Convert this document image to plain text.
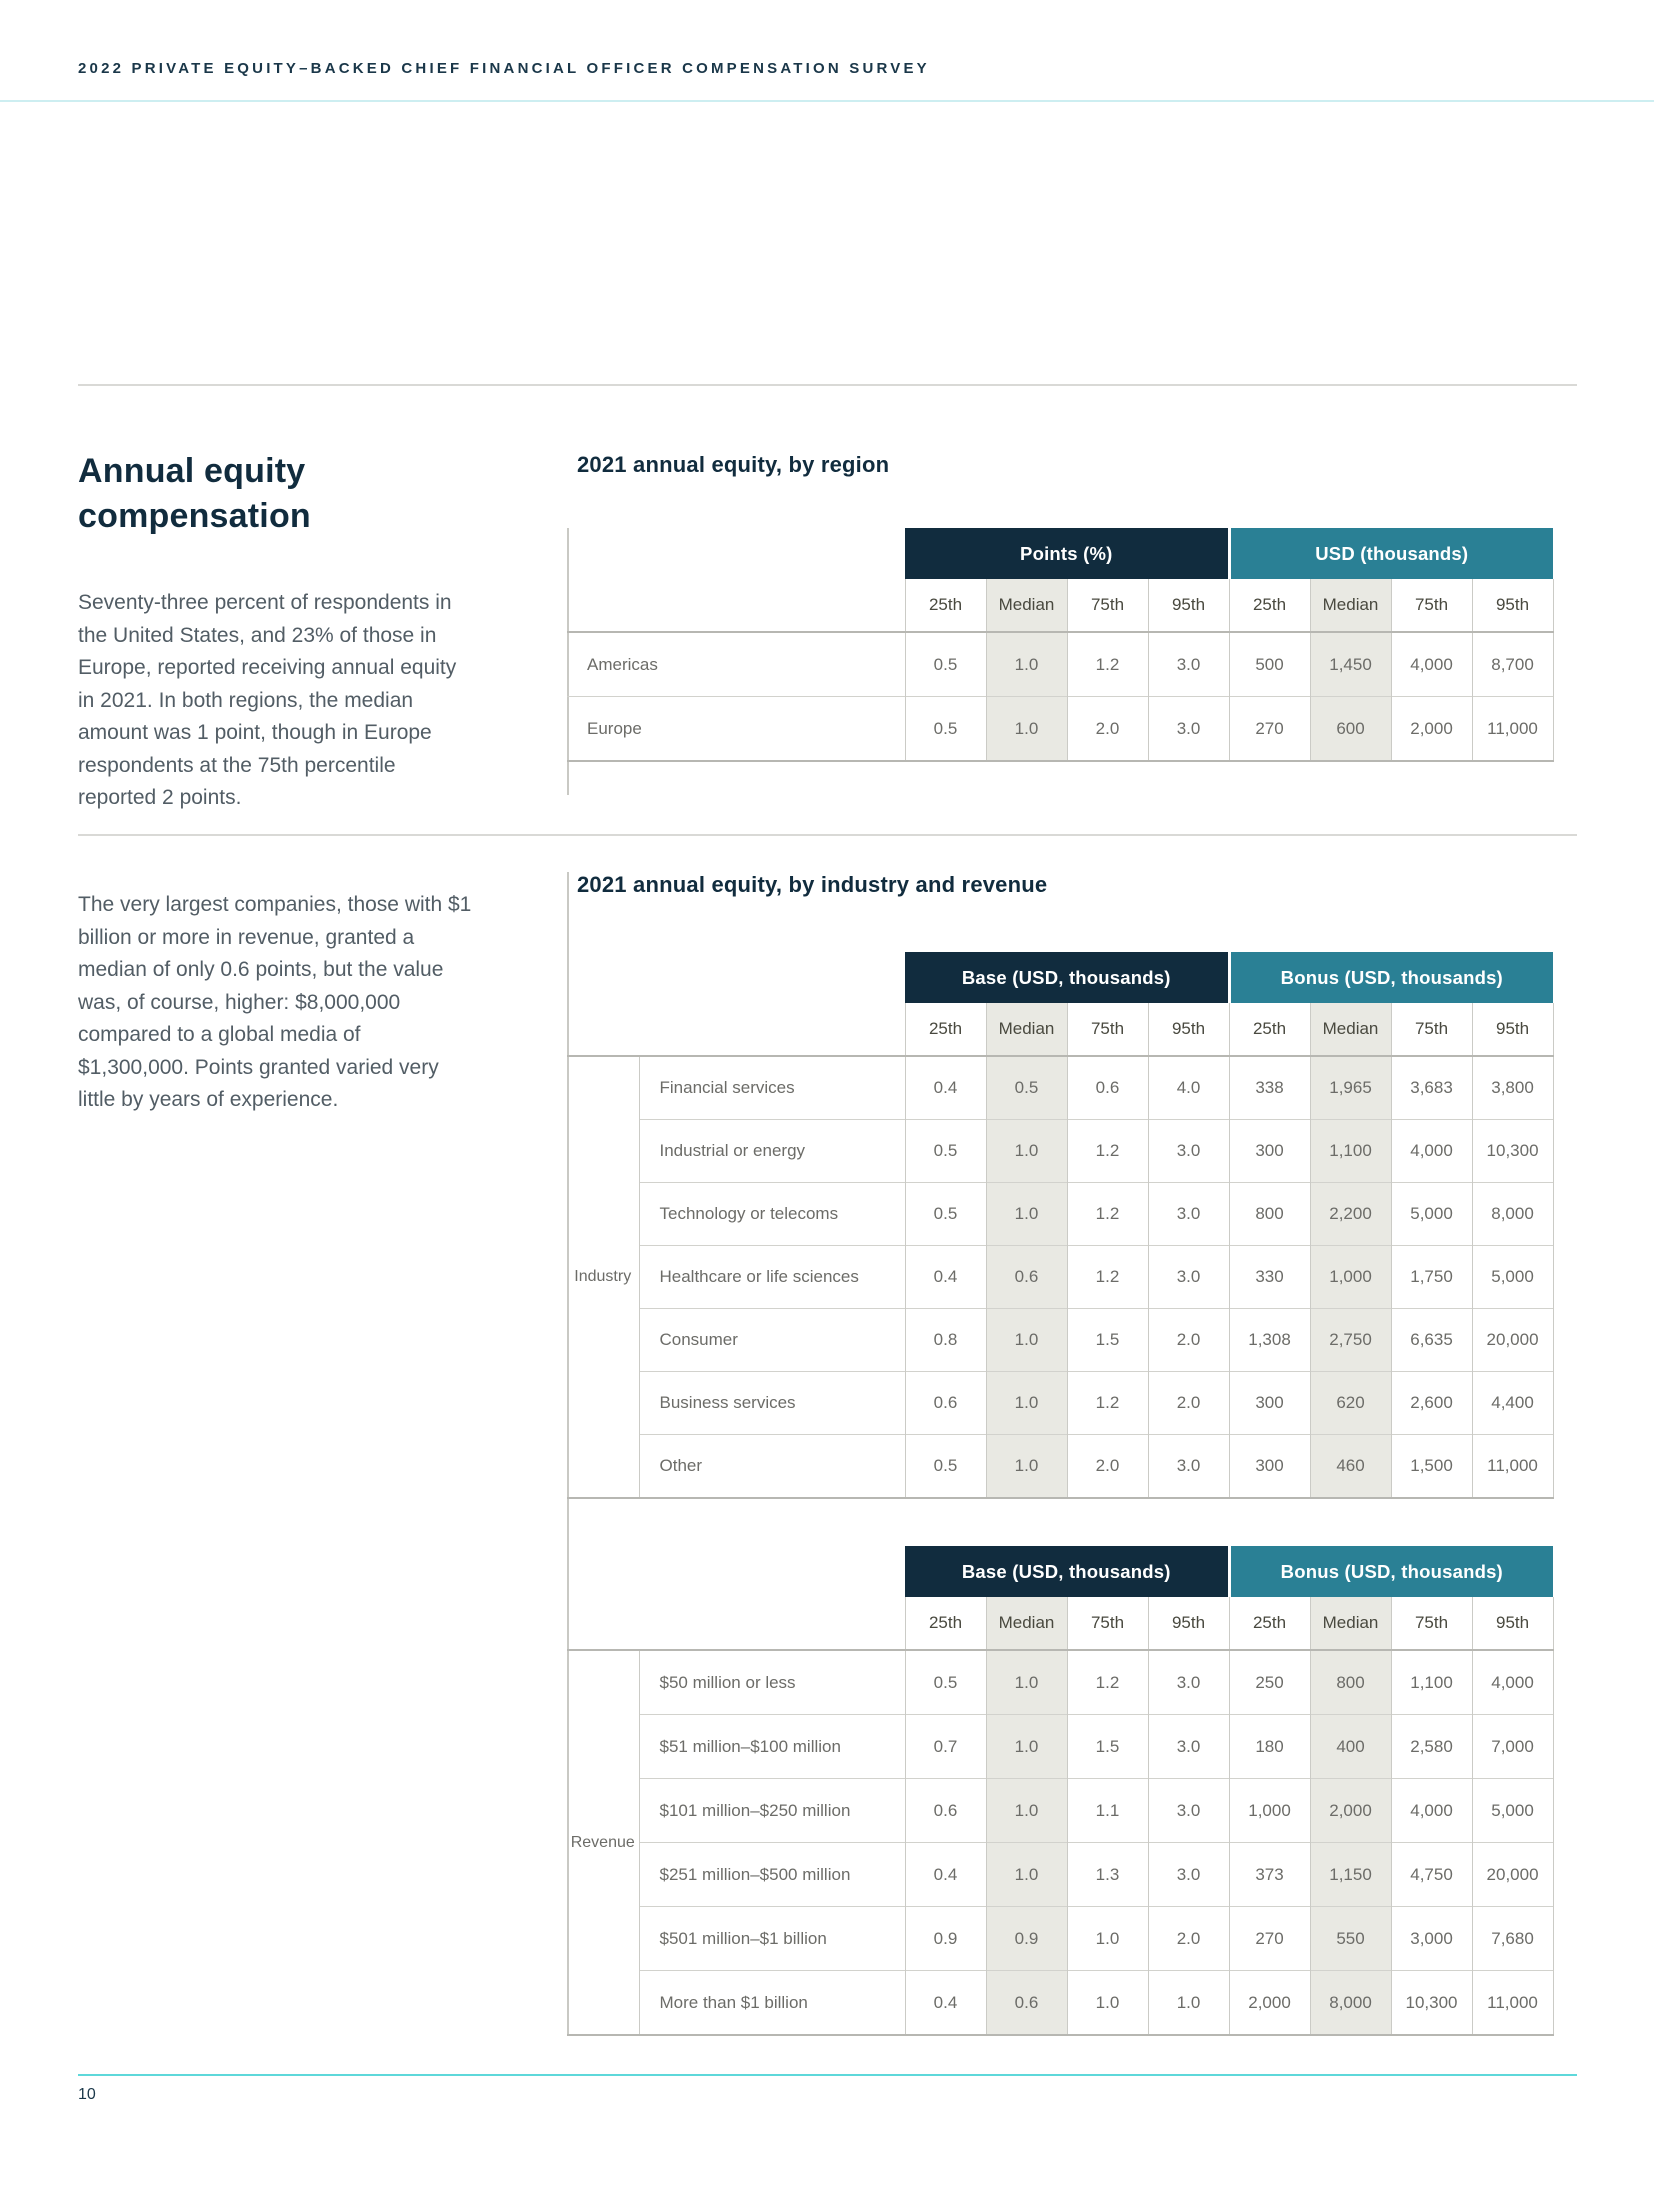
2022 PRIVATE EQUITY–BACKED CHIEF FINANCIAL OFFICER COMPENSATION SURVEY
Annual equity compensation

Seventy-three percent of respondents in the United States, and 23% of those in Europe, reported receiving annual equity in 2021. In both regions, the median amount was 1 point, though in Europe respondents at the 75th percentile reported 2 points.

The very largest companies, those with $1 billion or more in revenue, granted a median of only 0.6 points, but the value was, of course, higher: $8,000,000 compared to a global media of $1,300,000. Points granted varied very little by years of experience.

2021 annual equity, by region
2021 annual equity, by industry and revenue
	Points (%)				USD (thousands)			
	25th	Median	75th	95th	25th	Median	75th	95th
Americas	0.5	1.0	1.2	3.0	500	1,450	4,000	8,700
Europe	0.5	1.0	2.0	3.0	270	600	2,000	11,000
		Base (USD, thousands)				Bonus (USD, thousands)			
		25th	Median	75th	95th	25th	Median	75th	95th
Industry	Financial services	0.4	0.5	0.6	4.0	338	1,965	3,683	3,800
	Industrial or energy	0.5	1.0	1.2	3.0	300	1,100	4,000	10,300
	Technology or telecoms	0.5	1.0	1.2	3.0	800	2,200	5,000	8,000
	Healthcare or life sciences	0.4	0.6	1.2	3.0	330	1,000	1,750	5,000
	Consumer	0.8	1.0	1.5	2.0	1,308	2,750	6,635	20,000
	Business services	0.6	1.0	1.2	2.0	300	620	2,600	4,400
	Other	0.5	1.0	2.0	3.0	300	460	1,500	11,000
		Base (USD, thousands)				Bonus (USD, thousands)			
		25th	Median	75th	95th	25th	Median	75th	95th
Revenue	$50 million or less	0.5	1.0	1.2	3.0	250	800	1,100	4,000
	$51 million–$100 million	0.7	1.0	1.5	3.0	180	400	2,580	7,000
	$101 million–$250 million	0.6	1.0	1.1	3.0	1,000	2,000	4,000	5,000
	$251 million–$500 million	0.4	1.0	1.3	3.0	373	1,150	4,750	20,000
	$501 million–$1 billion	0.9	0.9	1.0	2.0	270	550	3,000	7,680
	More than $1 billion	0.4	0.6	1.0	1.0	2,000	8,000	10,300	11,000
10
